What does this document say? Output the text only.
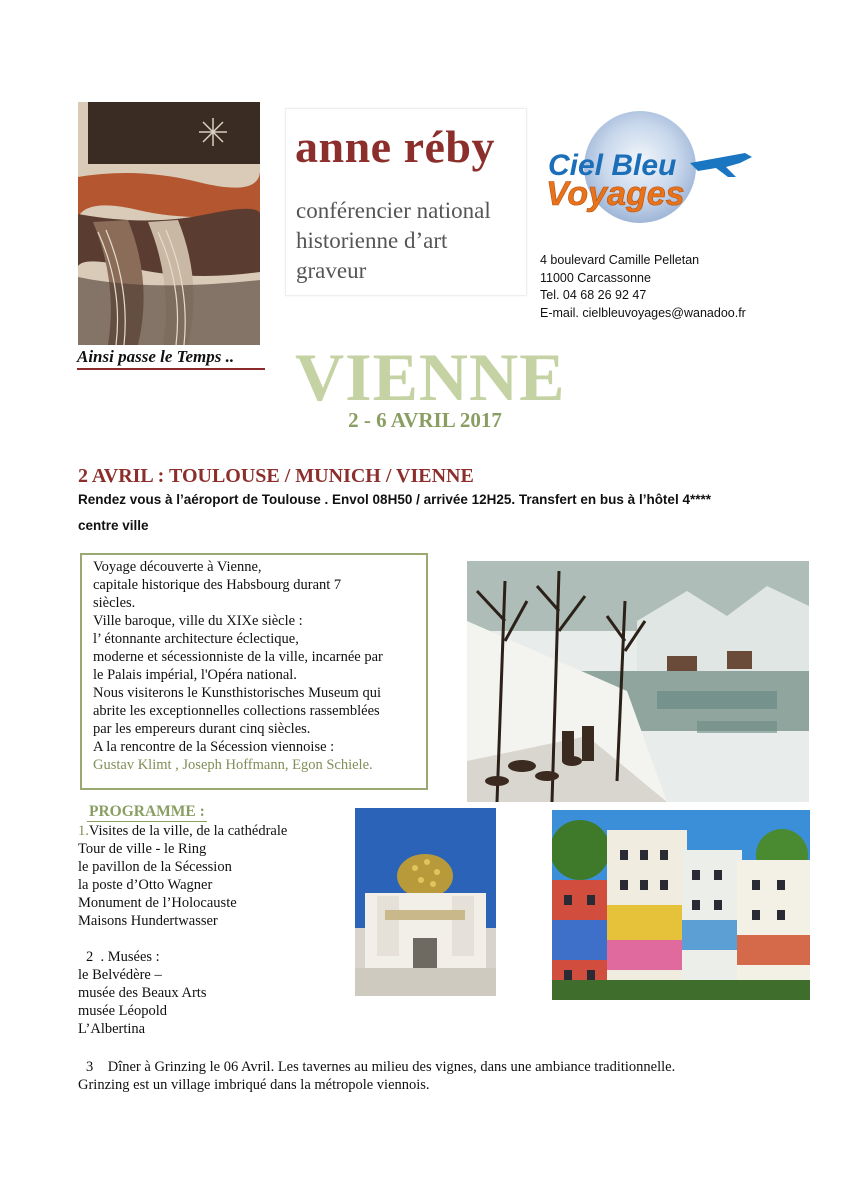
Ainsi passe le Temps ..
anne réby
conférencier national
historienne d’art
graveur
Ciel Bleu
Voyages
4 boulevard Camille Pelletan
11000 Carcassonne
Tel. 04 68 26 92 47
E-mail. cielbleuvoyages@wanadoo.fr
VIENNE
2 - 6 AVRIL 2017
2 AVRIL : TOULOUSE / MUNICH / VIENNE
Rendez vous à l’aéroport de Toulouse . Envol 08H50 / arrivée 12H25. Transfert en bus à l’hôtel 4****
centre ville
Voyage découverte à Vienne,
capitale historique des Habsbourg durant 7
siècles.
Ville baroque, ville du XIXe siècle :
l’ étonnante architecture éclectique,
moderne et sécessionniste de la ville, incarnée par
le Palais impérial, l'Opéra national.
Nous visiterons le Kunsthistorisches Museum qui
abrite les exceptionnelles collections rassemblées
par les empereurs durant cinq siècles.
A la rencontre de la Sécession viennoise :
Gustav Klimt , Joseph Hoffmann, Egon Schiele.
PROGRAMME :
1.Visites de la ville, de la cathédrale
Tour de ville - le Ring
le pavillon de la Sécession
la poste d’Otto Wagner
Monument de l’Holocauste
Maisons Hundertwasser
2 . Musées :
le Belvédère –
musée des Beaux Arts
musée Léopold
L’Albertina
3 Dîner à Grinzing le 06 Avril. Les tavernes au milieu des vignes, dans une ambiance traditionnelle.
Grinzing est un village imbriqué dans la métropole viennois.
